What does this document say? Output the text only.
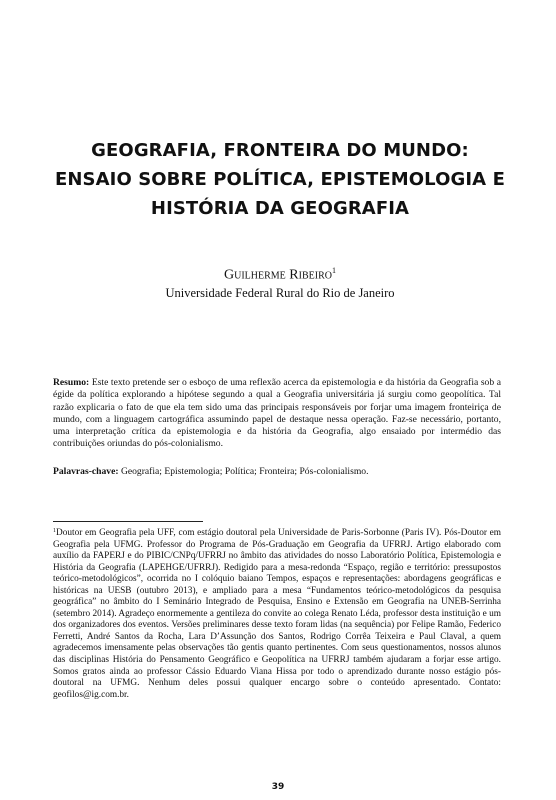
GEOGRAFIA, FRONTEIRA DO MUNDO:
ENSAIO SOBRE POLÍTICA, EPISTEMOLOGIA E
HISTÓRIA DA GEOGRAFIA
Guilherme Ribeiro$^1$
Universidade Federal Rural do Rio de Janeiro

Resumo: Este texto pretende ser o esboço de uma reflexão acerca da epistemologia e da história da Geografia sob a égide da política explorando a hipótese segundo a qual a Geografia universitária já surgiu como geopolítica. Tal razão explicaria o fato de que ela tem sido uma das principais responsáveis por forjar uma imagem fronteiriça de mundo, com a linguagem cartográfica assumindo papel de destaque nessa operação. Faz-se necessário, portanto, uma interpretação crítica da epistemologia e da história da Geografia, algo ensaiado por intermédio das contribuições oriundas do pós-colonialismo.

Palavras-chave: Geografia; Epistemologia; Política; Fronteira; Pós-colonialismo.

$^1$Doutor em Geografia pela UFF, com estágio doutoral pela Universidade de Paris-Sorbonne (Paris IV). Pós-Doutor em Geografia pela UFMG. Professor do Programa de Pós-Graduação em Geografia da UFRRJ. Artigo elaborado com auxílio da FAPERJ e do PIBIC/CNPq/UFRRJ no âmbito das atividades do nosso Laboratório Política, Epistemologia e História da Geografia (LAPEHGE/UFRRJ). Redigido para a mesa-redonda “Espaço, região e território: pressupostos teórico-metodológicos”, ocorrida no I colóquio baiano Tempos, espaços e representações: abordagens geográficas e históricas na UESB (outubro 2013), e ampliado para a mesa “Fundamentos teórico-metodológicos da pesquisa geográfica” no âmbito do I Seminário Integrado de Pesquisa, Ensino e Extensão em Geografia na UNEB-Serrinha (setembro 2014). Agradeço enormemente a gentileza do convite ao colega Renato Léda, professor desta instituição e um dos organizadores dos eventos. Versões preliminares desse texto foram lidas (na sequência) por Felipe Ramão, Federico Ferretti, André Santos da Rocha, Lara D’Assunção dos Santos, Rodrigo Corrêa Teixeira e Paul Claval, a quem agradecemos imensamente pelas observações tão gentis quanto pertinentes. Com seus questionamentos, nossos alunos das disciplinas História do Pensamento Geográfico e Geopolítica na UFRRJ também ajudaram a forjar esse artigo. Somos gratos ainda ao professor Cássio Eduardo Viana Hissa por todo o aprendizado durante nosso estágio pós-doutoral na UFMG. Nenhum deles possui qualquer encargo sobre o conteúdo apresentado. Contato: geofilos@ig.com.br.

39
